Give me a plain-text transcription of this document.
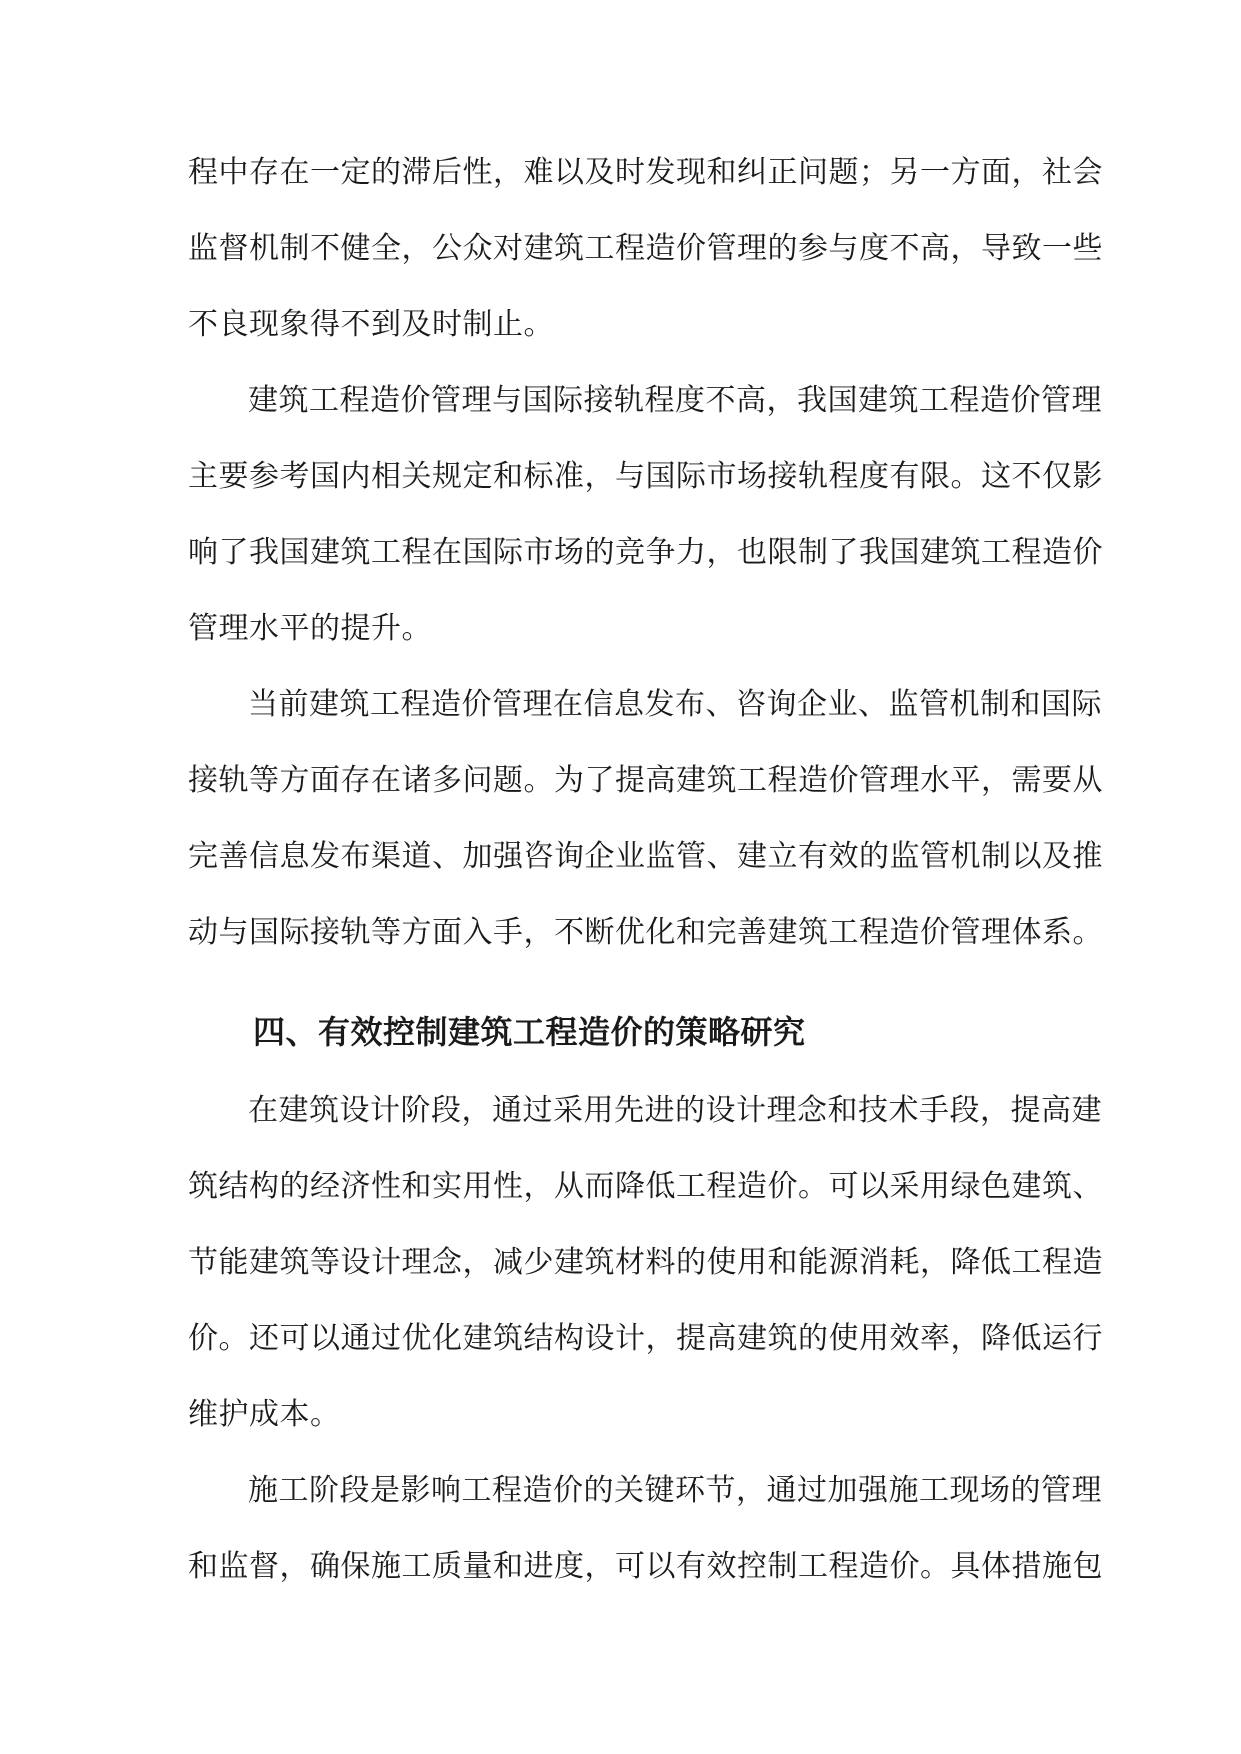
程中存在一定的滞后性，难以及时发现和纠正问题；另一方面，社会
监督机制不健全，公众对建筑工程造价管理的参与度不高，导致一些
不良现象得不到及时制止。
建筑工程造价管理与国际接轨程度不高，我国建筑工程造价管理
主要参考国内相关规定和标准，与国际市场接轨程度有限。这不仅影
响了我国建筑工程在国际市场的竞争力，也限制了我国建筑工程造价
管理水平的提升。
当前建筑工程造价管理在信息发布、咨询企业、监管机制和国际
接轨等方面存在诸多问题。为了提高建筑工程造价管理水平，需要从
完善信息发布渠道、加强咨询企业监管、建立有效的监管机制以及推
动与国际接轨等方面入手，不断优化和完善建筑工程造价管理体系。
四、有效控制建筑工程造价的策略研究
在建筑设计阶段，通过采用先进的设计理念和技术手段，提高建
筑结构的经济性和实用性，从而降低工程造价。可以采用绿色建筑、
节能建筑等设计理念，减少建筑材料的使用和能源消耗，降低工程造
价。还可以通过优化建筑结构设计，提高建筑的使用效率，降低运行
维护成本。
施工阶段是影响工程造价的关键环节，通过加强施工现场的管理
和监督，确保施工质量和进度，可以有效控制工程造价。具体措施包
